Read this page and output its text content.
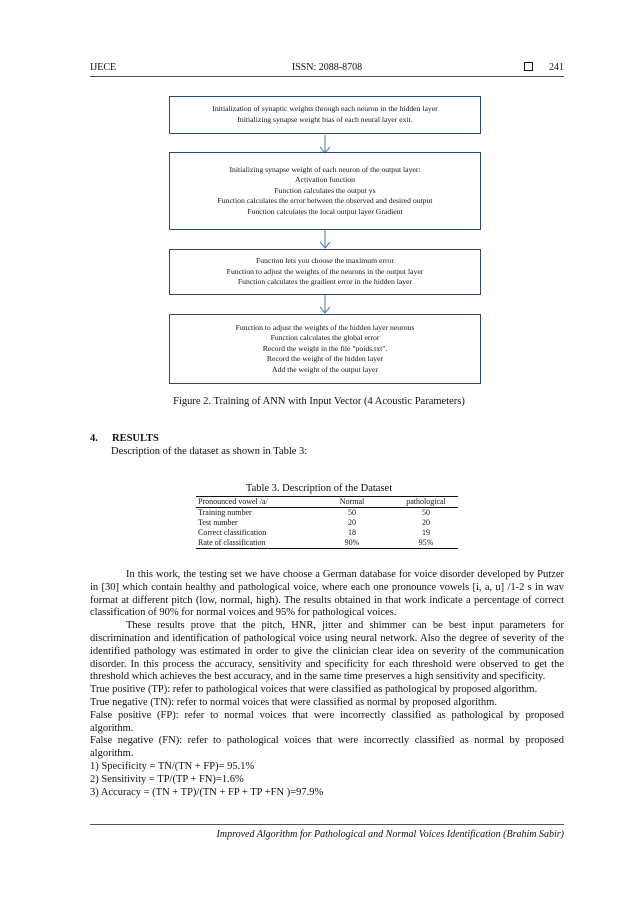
IJECE	ISSN: 2088-8708	241
Initialization of synaptic weights through each neuron in the hidden layer
Initializing synapse weight bias of each neural layer exit.
Initializing synapse weight of each neuron of the output layer:
Activation function
Function calculates the output ys
Function calculates the error between the observed and desired output
Function calculates the local output layer Gradient
Function lets you choose the maximum error
Function to adjust the weights of the neurons in the output layer
Function calculates the gradient error in the hidden layer
Function to adjust the weights of the hidden layer neurons
Function calculates the global error
Record the weight in the file "poids.txt".
Record the weight of the hidden layer
Add the weight of the output layer
Figure 2. Training of ANN with Input Vector (4 Acoustic Parameters)
4. RESULTS
Description of the dataset as shown in Table 3:
Table 3. Description of the Dataset
Pronounced vowel /a/	Normal	pathological
Training number	50	50
Test number	20	20
Correct classification	18	19
Rate of classification	90%	95%

In this work, the testing set we have choose a German database for voice disorder developed by Putzer in [30] which contain healthy and pathological voice, where each one pronounce vowels [i, a, u] /1-2 s in wav format at different pitch (low, normal, high). The results obtained in that work indicate a percentage of correct classification of 90% for normal voices and 95% for pathological voices.

These results prove that the pitch, HNR, jitter and shimmer can be best input parameters for discrimination and identification of pathological voice using neural network. Also the degree of severity of the identified pathology was estimated in order to give the clinician clear idea on severity of the communication disorder. In this process the accuracy, sensitivity and specificity for each threshold were observed to get the threshold which achieves the best accuracy, and in the same time preserves a high sensitivity and specificity.

True positive (TP): refer to pathological voices that were classified as pathological by proposed algorithm.

True negative (TN): refer to normal voices that were classified as normal by proposed algorithm.

False positive (FP): refer to normal voices that were incorrectly classified as pathological by proposed algorithm.

False negative (FN): refer to pathological voices that were incorrectly classified as normal by proposed algorithm.

1) Specificity = TN/(TN + FP)= 95.1%

2) Sensitivity = TP/(TP + FN)=1.6%

3) Accuracy = (TN + TP)/(TN + FP + TP +FN )=97.9%

Improved Algorithm for Pathological and Normal Voices Identification (Brahim Sabir)
